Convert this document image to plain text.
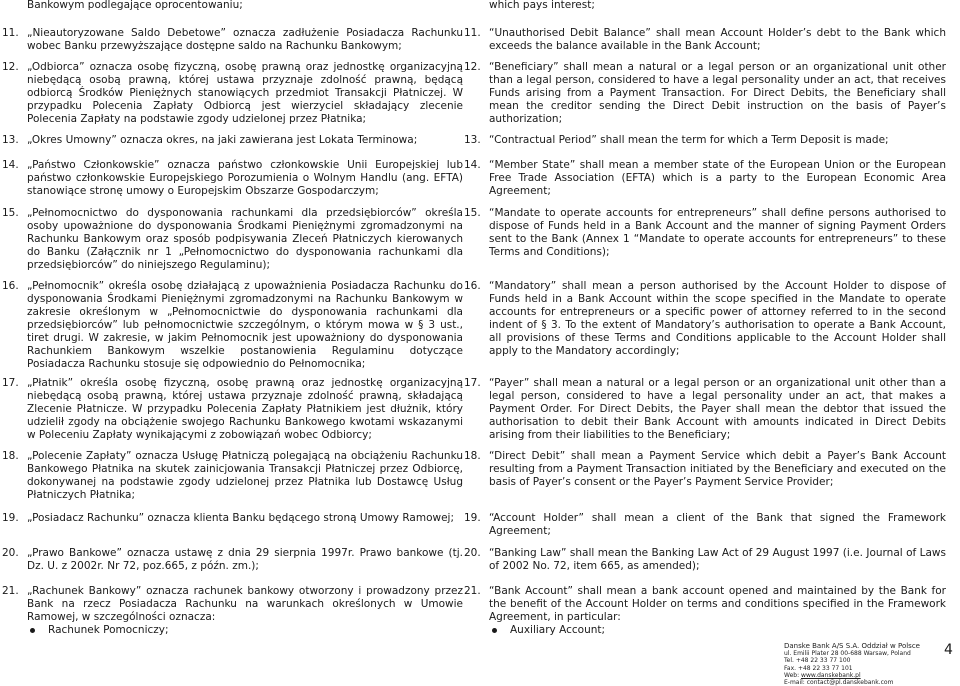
Bankowym podlegające oprocentowaniu;
11. „Nieautoryzowane Saldo Debetowe” oznacza zadłużenie Posiadacza Rachunku wobec Banku przewyższające dostępne saldo na Rachunku Bankowym;
12. „Odbiorca” oznacza osobę fizyczną, osobę prawną oraz jednostkę organizacyjną niebędącą osobą prawną, której ustawa przyznaje zdolność prawną, będącą odbiorcą Środków Pieniężnych stanowiących przedmiot Transakcji Płatniczej. W przypadku Polecenia Zapłaty Odbiorcą jest wierzyciel składający zlecenie Polecenia Zapłaty na podstawie zgody udzielonej przez Płatnika;
13. „Okres Umowny” oznacza okres, na jaki zawierana jest Lokata Terminowa;
14. „Państwo Członkowskie” oznacza państwo członkowskie Unii Europejskiej lub państwo członkowskie Europejskiego Porozumienia o Wolnym Handlu (ang. EFTA) stanowiące stronę umowy o Europejskim Obszarze Gospodarczym;
15. „Pełnomocnictwo do dysponowania rachunkami dla przedsiębiorców” określa osoby upoważnione do dysponowania Środkami Pieniężnymi zgromadzonymi na Rachunku Bankowym oraz sposób podpisywania Zleceń Płatniczych kierowanych do Banku (Załącznik nr 1 „Pełnomocnictwo do dysponowania rachunkami dla przedsiębiorców” do niniejszego Regulaminu);
16. „Pełnomocnik” określa osobę działającą z upoważnienia Posiadacza Rachunku do dysponowania Środkami Pieniężnymi zgromadzonymi na Rachunku Bankowym w zakresie określonym w „Pełnomocnictwie do dysponowania rachunkami dla przedsiębiorców” lub pełnomocnictwie szczególnym, o którym mowa w § 3 ust., tiret drugi. W zakresie, w jakim Pełnomocnik jest upoważniony do dysponowania Rachunkiem Bankowym wszelkie postanowienia Regulaminu dotyczące Posiadacza Rachunku stosuje się odpowiednio do Pełnomocnika;
17. „Płatnik” określa osobę fizyczną, osobę prawną oraz jednostkę organizacyjną niebędącą osobą prawną, której ustawa przyznaje zdolność prawną, składającą Zlecenie Płatnicze. W przypadku Polecenia Zapłaty Płatnikiem jest dłużnik, który udzielił zgody na obciążenie swojego Rachunku Bankowego kwotami wskazanymi w Poleceniu Zapłaty wynikającymi z zobowiązań wobec Odbiorcy;
18. „Polecenie Zapłaty” oznacza Usługę Płatniczą polegającą na obciążeniu Rachunku Bankowego Płatnika na skutek zainicjowania Transakcji Płatniczej przez Odbiorcę, dokonywanej na podstawie zgody udzielonej przez Płatnika lub Dostawcę Usług Płatniczych Płatnika;
19. „Posiadacz Rachunku” oznacza klienta Banku będącego stroną Umowy Ramowej;
20. „Prawo Bankowe” oznacza ustawę z dnia 29 sierpnia 1997r. Prawo bankowe (tj. Dz. U. z 2002r. Nr 72, poz.665, z późn. zm.);
21. „Rachunek Bankowy” oznacza rachunek bankowy otworzony i prowadzony przez Bank na rzecz Posiadacza Rachunku na warunkach określonych w Umowie Ramowej, w szczególności oznacza:
Rachunek Pomocniczy;
which pays interest;
11. “Unauthorised Debit Balance” shall mean Account Holder’s debt to the Bank which exceeds the balance available in the Bank Account;
12. “Beneficiary” shall mean a natural or a legal person or an organizational unit other than a legal person, considered to have a legal personality under an act, that receives Funds arising from a Payment Transaction. For Direct Debits, the Beneficiary shall mean the creditor sending the Direct Debit instruction on the basis of Payer’s authorization;
13. “Contractual Period” shall mean the term for which a Term Deposit is made;
14. “Member State” shall mean a member state of the European Union or the European Free Trade Association (EFTA) which is a party to the European Economic Area Agreement;
15. “Mandate to operate accounts for entrepreneurs” shall define persons authorised to dispose of Funds held in a Bank Account and the manner of signing Payment Orders sent to the Bank (Annex 1 “Mandate to operate accounts for entrepreneurs” to these Terms and Conditions);
16. “Mandatory” shall mean a person authorised by the Account Holder to dispose of Funds held in a Bank Account within the scope specified in the Mandate to operate accounts for entrepreneurs or a specific power of attorney referred to in the second indent of § 3. To the extent of Mandatory’s authorisation to operate a Bank Account, all provisions of these Terms and Conditions applicable to the Account Holder shall apply to the Mandatory accordingly;
17. “Payer” shall mean a natural or a legal person or an organizational unit other than a legal person, considered to have a legal personality under an act, that makes a Payment Order. For Direct Debits, the Payer shall mean the debtor that issued the authorisation to debit their Bank Account with amounts indicated in Direct Debits arising from their liabilities to the Beneficiary;
18. “Direct Debit” shall mean a Payment Service which debit a Payer’s Bank Account resulting from a Payment Transaction initiated by the Beneficiary and executed on the basis of Payer’s consent or the Payer’s Payment Service Provider;
19. “Account Holder” shall mean a client of the Bank that signed the Framework Agreement;
20. “Banking Law” shall mean the Banking Law Act of 29 August 1997 (i.e. Journal of Laws of 2002 No. 72, item 665, as amended);
21. “Bank Account” shall mean a bank account opened and maintained by the Bank for the benefit of the Account Holder on terms and conditions specified in the Framework Agreement, in particular:
Auxiliary Account;
Danske Bank A/S S.A. Oddział w Polsce
ul. Emilii Plater 28 00-688 Warsaw, Poland
Tel. +48 22 33 77 100
Fax. +48 22 33 77 101
Web: www.danskebank.pl
E-mail: contact@pl.danskebank.com
4
